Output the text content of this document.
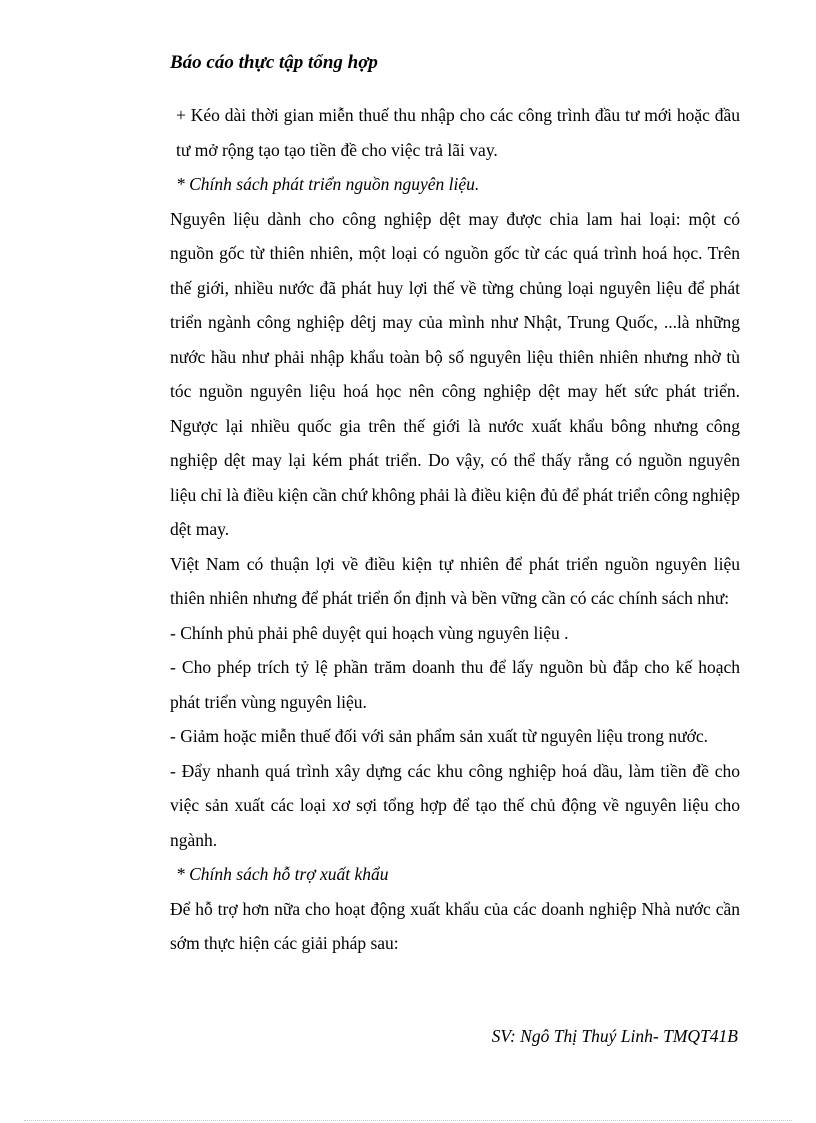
Báo cáo thực tập tổng hợp

+ Kéo dài thời gian miễn thuế thu nhập cho các công trình đầu tư mới hoặc đầu tư mở rộng tạo tạo tiền đề cho việc trả lãi vay.

* Chính sách phát triển nguồn nguyên liệu.

Nguyên liệu dành cho công nghiệp dệt may được chia lam hai loại: một có nguồn gốc từ thiên nhiên, một loại có nguồn gốc từ các quá trình hoá học. Trên thế giới, nhiều nước đã phát huy lợi thế về từng chủng loại nguyên liệu để phát triển ngành công nghiệp dêtj may của mình như Nhật, Trung Quốc, ...là những nước hầu như phải nhập khẩu toàn bộ số nguyên liệu thiên nhiên nhưng nhờ tù tóc nguồn nguyên liệu hoá học nên công nghiệp dệt may hết sức phát triển. Ngược lại nhiều quốc gia trên thế giới là nước xuất khẩu bông nhưng công nghiệp dệt may lại kém phát triển. Do vậy, có thể thấy rằng có nguồn nguyên liệu chỉ là điều kiện cần chứ không phải là điều kiện đủ để phát triển công nghiệp dệt may.

Việt Nam có thuận lợi về điều kiện tự nhiên để phát triển nguồn nguyên liệu thiên nhiên nhưng để phát triển ổn định và bền vững cần có các chính sách như:

- Chính phủ phải phê duyệt qui hoạch vùng nguyên liệu .

- Cho phép trích tỷ lệ phần trăm doanh thu để lấy nguồn bù đắp cho kế hoạch phát triển vùng nguyên liệu.

- Giảm hoặc miễn thuế đối với sản phẩm sản xuất từ nguyên liệu trong nước.

- Đẩy nhanh quá trình xây dựng các khu công nghiệp hoá dầu, làm tiền đề cho việc sản xuất các loại xơ sợi tổng hợp để tạo thế chủ động về nguyên liệu cho ngành.

* Chính sách hỗ trợ xuất khẩu

Để hỗ trợ hơn nữa cho hoạt động xuất khẩu của các doanh nghiệp Nhà nước cần sớm thực hiện các giải pháp sau:

SV: Ngô Thị Thuý Linh- TMQT41B
